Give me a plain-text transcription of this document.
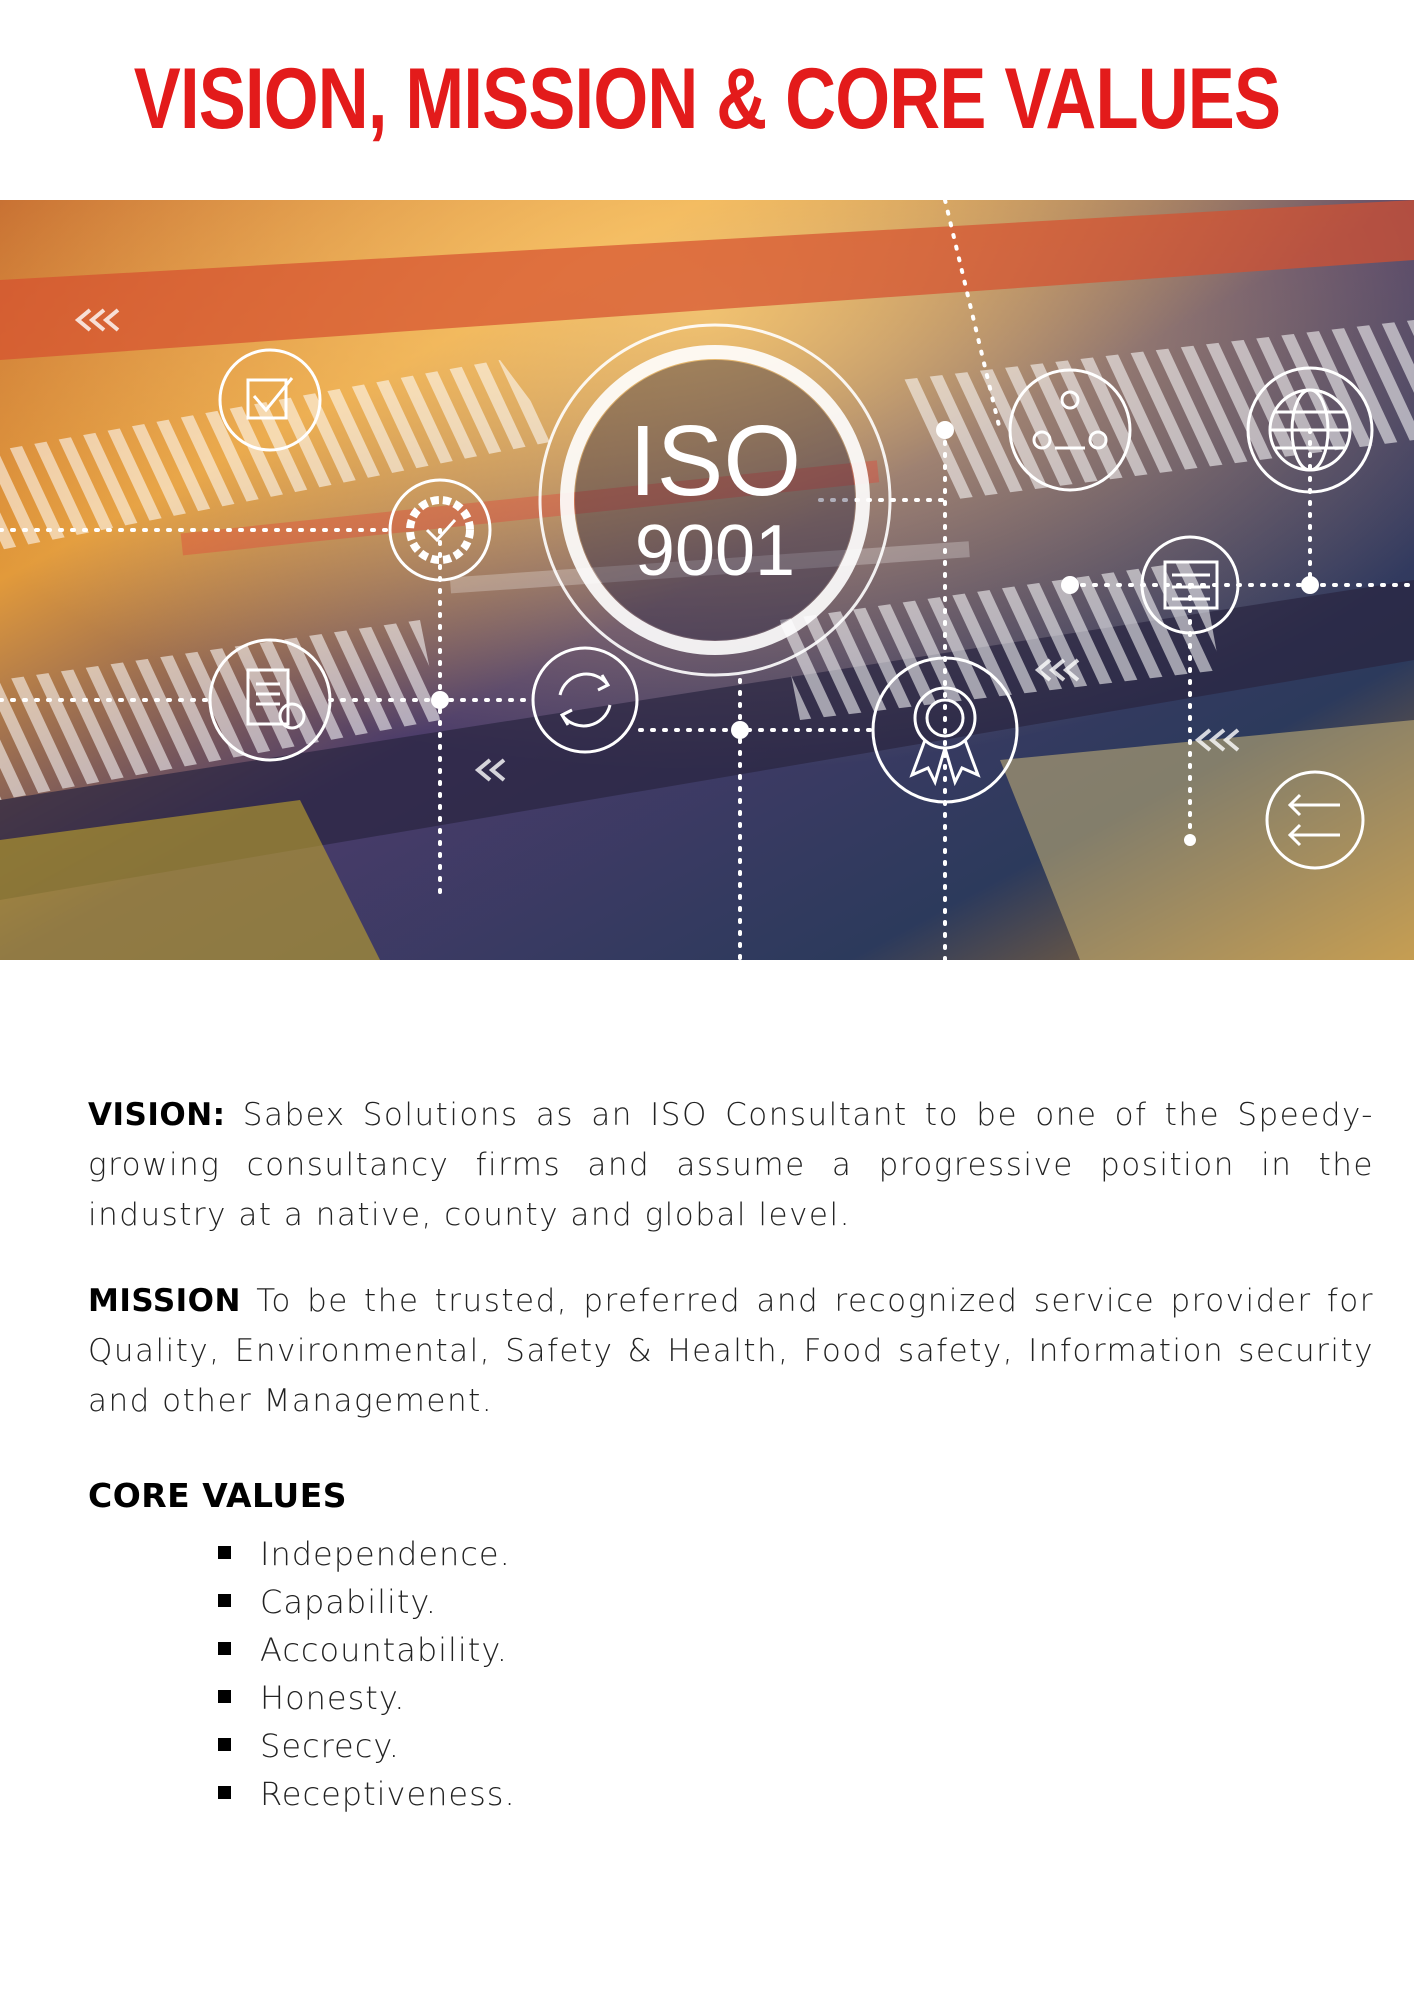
VISION, MISSION & CORE VALUES
ISO
9001

VISION: Sabex Solutions as an ISO Consultant to be one of the Speedy-growing consultancy firms and assume a progressive position in the industry at a native, county and global level.

MISSION To be the trusted, preferred and recognized service provider for Quality, Environmental, Safety & Health, Food safety, Information security and other Management.

CORE VALUES
Independence.
Capability.
Accountability.
Honesty.
Secrecy.
Receptiveness.
